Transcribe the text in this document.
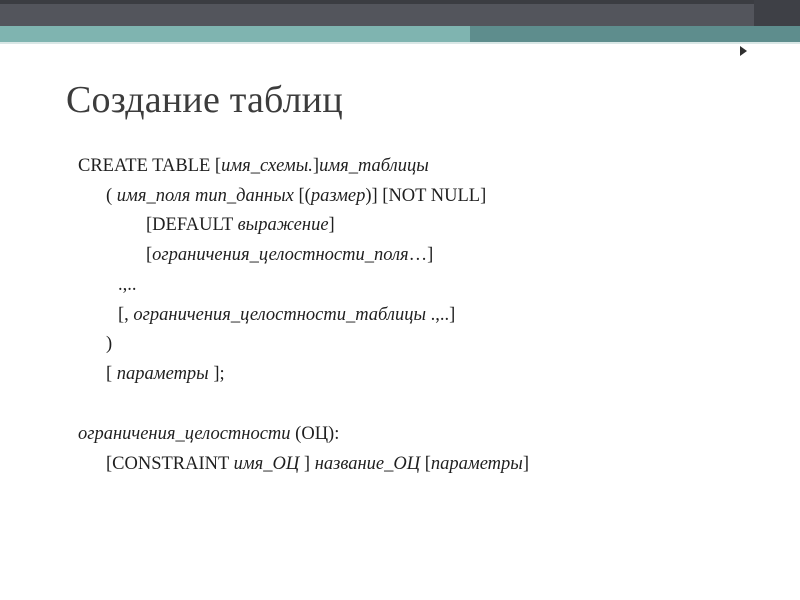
Создание таблиц
CREATE TABLE [имя_схемы.]имя_таблицы
( имя_поля тип_данных [(размер)] [NOT NULL]
[DEFAULT выражение]
[ограничения_целостности_поля…]
.,..
[, ограничения_целостности_таблицы .,..]
)
[ параметры ];
ограничения_целостности (ОЦ):
[CONSTRAINT имя_ОЦ ] название_ОЦ [параметры]
